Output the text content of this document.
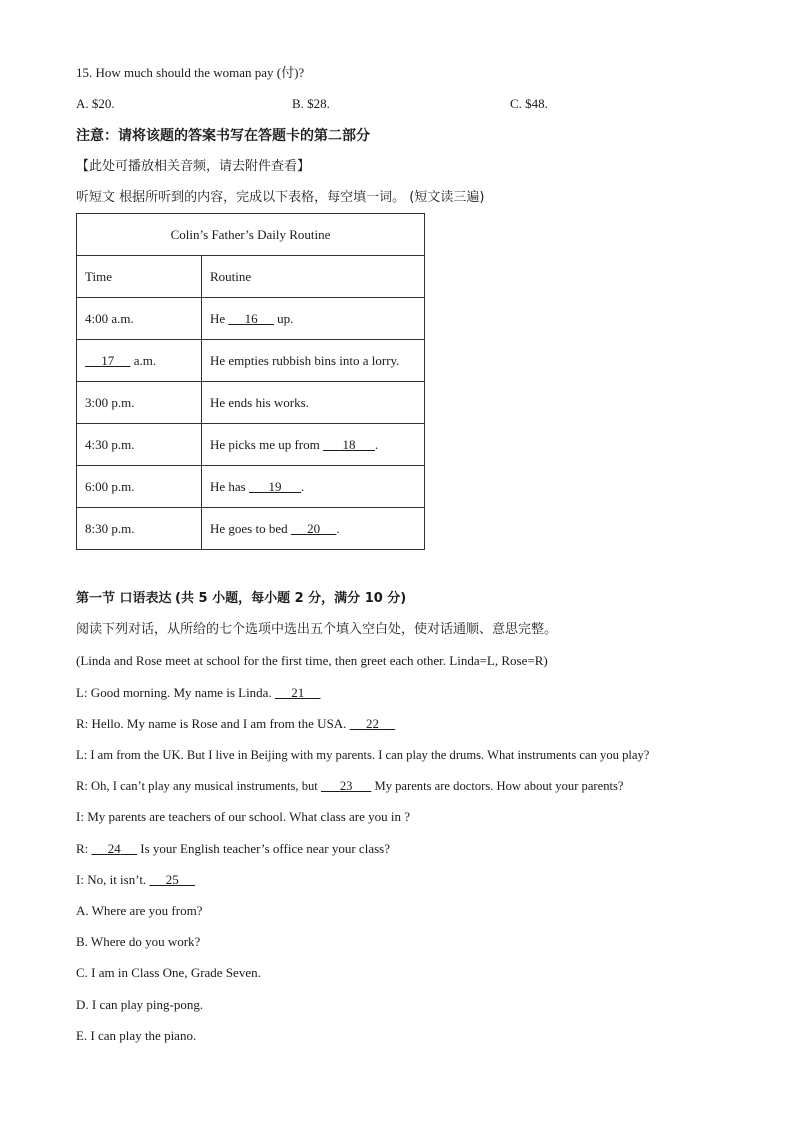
15. How much should the woman pay (付)?
A. $20.	B. $28.	C. $48.
注意：请将该题的答案书写在答题卡的第二部分
【此处可播放相关音频，请去附件查看】
听短文 根据所听到的内容，完成以下表格，每空填一词。 (短文读三遍)
Colin’s Father’s Daily Routine	
Time	Routine
4:00 a.m.	He      16      up.
17      a.m.	He empties rubbish bins into a lorry.
3:00 p.m.	He ends his works.
4:30 p.m.	He picks me up from       18 .
6:00 p.m.	He has       19 .
8:30 p.m.	He goes to bed      20 .
第一节 口语表达 (共 5 小题，每小题 2 分，满分 10 分)
阅读下列对话，从所给的七个选项中选出五个填入空白处，使对话通顺、意思完整。
(Linda and Rose meet at school for the first time, then greet each other. Linda=L, Rose=R)
L: Good morning. My name is Linda.      21
R: Hello. My name is Rose and I am from the USA.      22
L: I am from the UK. But I live in Beijing with my parents. I can play the drums. What instruments can you play?
R: Oh, I can’t play any musical instruments, but       23       My parents are doctors. How about your parents?
I: My parents are teachers of our school. What class are you in ?
R:      24      Is your English teacher’s office near your class?
I: No, it isn’t.      25
A. Where are you from?
B. Where do you work?
C. I am in Class One, Grade Seven.
D. I can play ping-pong.
E. I can play the piano.
